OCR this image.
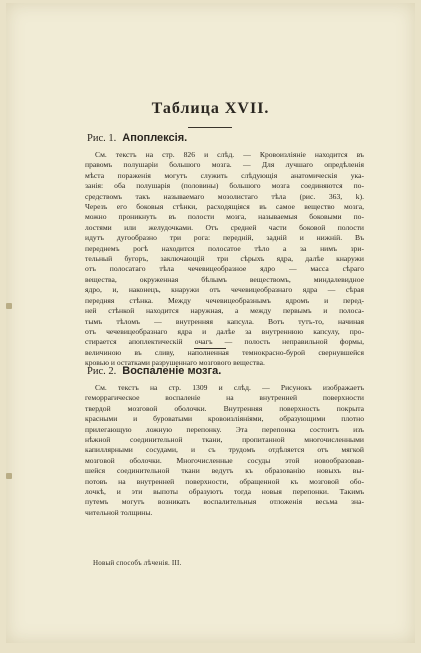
Таблица XVII.
Рис. 1. Апоплексія.
См. текстъ на стр. 826 и слѣд. — Кровоизліяніе находится въ
правомъ полушаріи большого мозга. — Для лучшаго опредѣленія
мѣста пораженія могутъ служить слѣдующія анатомическія ука-
занія: оба полушарія (половины) большого мозга соединяются по-
средствомъ такъ называемаго мозолистаго тѣла (рис. 363, k).
Черезъ его боковыя стѣнки, расходящіяся въ самое вещество мозга,
можно проникнуть въ полости мозга, называемыя боковыми по-
лостями или желудочками. Отъ средней части боковой полости
идутъ дугообразно три рога: передній, задній и нижній. Въ
переднемъ рогѣ находится полосатое тѣло а за нимъ зри-
тельный бугоръ, заключающій три сѣрыхъ ядра, далѣе кнаружи
отъ полосатаго тѣла чечевицеобразное ядро — масса сѣраго
вещества, окруженная бѣлымъ веществомъ, миндалевидное
ядро, и, наконецъ, кнаружи отъ чечевицеобразнаго ядра — сѣрая
передняя стѣнка. Между чечевицеобразнымъ ядромъ и перед-
ней стѣнкой находится наружная, а между первымъ и полоса-
тымъ тѣломъ — внутренняя капсула. Вотъ тутъ-то, начиная
отъ чечевицеобразнаго ядра и далѣе за внутреннюю капсулу, про-
стирается апоплектическій очагъ — полость неправильной формы,
величиною въ сливу, наполненная темнокрасно-бурой свернувшейся
кровью и остатками разрушеннаго мозгового вещества.
Рис. 2. Воспаленіе мозга.
См. текстъ на стр. 1309 и слѣд. — Рисунокъ изображаетъ
геморрагическое воспаленіе на внутренней поверхности
твердой мозговой оболочки. Внутренняя поверхность покрыта
красными и буроватыми кровоизліяніями, образующими плотно
прилегающую ложную перепонку. Эта перепонка состоитъ изъ
нѣжной соединительной ткани, пропитанной многочисленными
капиллярными сосудами, и съ трудомъ отдѣляется отъ мягкой
мозговой оболочки. Многочисленные сосуды этой новообразовав-
шейся соединительной ткани ведутъ къ образованію новыхъ вы-
потовъ на внутренней поверхности, обращенной къ мозговой обо-
лочкѣ, и эти выпоты образуютъ тогда новыя перепонки. Такимъ
путемъ могутъ возникать воспалительныя отложенія весьма зна-
чительной толщины.
Новый способъ лѣченія. III.
